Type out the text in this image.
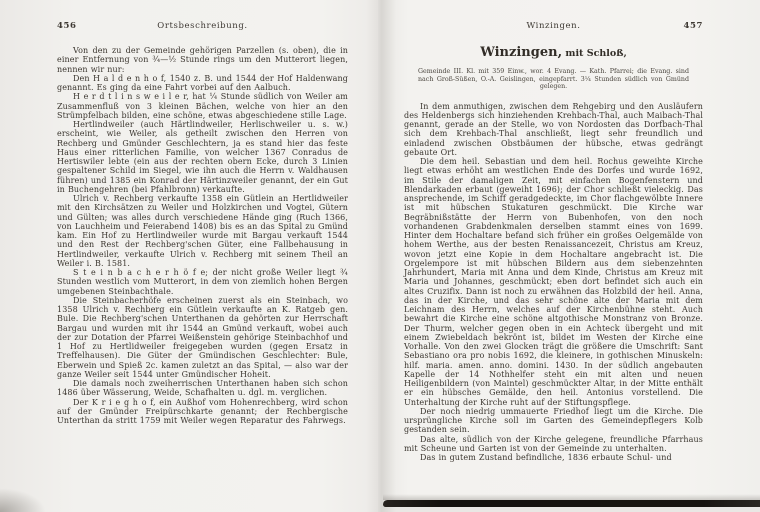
456	Ortsbeschreibung.

Von den zu der Gemeinde gehörigen Parzellen (s. oben), die in einer Entfernung von ¾—½ Stunde rings um den Mutterort liegen, nennen wir nur:

Den H a l d e n h o f, 1540 z. B. und 1544 der Hof Haldenwang genannt. Es ging da eine Fahrt vorbei auf den Aalbuch.

H e r d t l i n s w e i l e r, hat ¼ Stunde südlich von Weiler am Zusammenfluß von 3 kleinen Bächen, welche von hier an den Strümpfelbach bilden, eine schöne, etwas abgeschiedene stille Lage.

Hertlindweiler (auch Härtlindweiler, Herlischweiler u. s. w.) erscheint, wie Weiler, als getheilt zwischen den Herren von Rechberg und Gmünder Geschlechtern, ja es stand hier das feste Haus einer ritterlichen Familie, von welcher 1367 Conradus de Hertiswiler lebte (ein aus der rechten obern Ecke, durch 3 Linien gespaltener Schild im Siegel, wie ihn auch die Herrn v. Waldhausen führen) und 1385 ein Konrad der Härtinzweiler genannt, der ein Gut in Buchengehren (bei Pfahlbronn) verkaufte.

Ulrich v. Rechberg verkaufte 1358 ein Gütlein an Hertlidweiler mit den Kirchsätzen zu Weiler und Holzkirchen und Vogtei, Gütern und Gülten; was alles durch verschiedene Hände ging (Ruch 1366, von Lauchheim und Feierabend 1408) bis es an das Spital zu Gmünd kam. Ein Hof zu Hertlindweiler wurde mit Bargau verkauft 1544 und den Rest der Rechberg'schen Güter, eine Fallbehausung in Hertlindweiler, verkaufte Ulrich v. Rechberg mit seinem Theil an Weiler i. B. 1581.

S t e i n b a c h e r h ö f e; der nicht große Weiler liegt ¾ Stunden westlich vom Mutterort, in dem von ziemlich hohen Bergen umgebenen Steinbachthale.

Die Steinbacherhöfe erscheinen zuerst als ein Steinbach, wo 1358 Ulrich v. Rechberg ein Gütlein verkaufte an K. Ratgeb gen. Bule. Die Rechberg'schen Unterthanen da gehörten zur Herrschaft Bargau und wurden mit ihr 1544 an Gmünd verkauft, wobei auch der zur Dotation der Pfarrei Weißenstein gehörige Steinbachhof und 1 Hof zu Hertlidweiler freigegeben wurden (gegen Ersatz in Treffelhausen). Die Güter der Gmündischen Geschlechter: Bule, Eberwein und Spieß 2c. kamen zuletzt an das Spital, — also war der ganze Weiler seit 1544 unter Gmündischer Hoheit.

Die damals noch zweiherrischen Unterthanen haben sich schon 1486 über Wässerung, Weide, Schafhalten u. dgl. m. verglichen.

Der K r i e g h o f, ein Außhof vom Hohenrechberg, wird schon auf der Gmünder Freipürschkarte genannt; der Rechbergische Unterthan da stritt 1759 mit Weiler wegen Reparatur des Fahrwegs.

Winzingen.	457
Winzingen, mit Schloß,
Gemeinde III. Kl. mit 359 Einw., wor. 4 Evang. — Kath. Pfarrei; die Evang. sind nach Groß-Süßen, O.-A. Geislingen, eingepfarrt. 3¼ Stunden südlich von Gmünd gelegen.

In dem anmuthigen, zwischen dem Rehgebirg und den Ausläufern des Heldenbergs sich hinziehenden Krehbach-Thal, auch Maibach-Thal genannt, gerade an der Stelle, wo von Nordosten das Dorfbach-Thal sich dem Krehbach-Thal anschließt, liegt sehr freundlich und einladend zwischen Obstbäumen der hübsche, etwas gedrängt gebaute Ort.

Die dem heil. Sebastian und dem heil. Rochus geweihte Kirche liegt etwas erhöht am westlichen Ende des Dorfes und wurde 1692, im Stile der damaligen Zeit, mit einfachen Bogenfenstern und Blendarkaden erbaut (geweiht 1696); der Chor schließt vieleckig. Das ansprechende, im Schiff geradgedeckte, im Chor flachgewölbte Innere ist mit hübschen Stukaturen geschmückt. Die Kirche war Begräbnißstätte der Herrn von Bubenhofen, von den noch vorhandenen Grabdenkmalen derselben stammt eines von 1699. Hinter dem Hochaltare befand sich früher ein großes Oelgemälde von hohem Werthe, aus der besten Renaissancezeit, Christus am Kreuz, wovon jetzt eine Kopie in dem Hochaltare angebracht ist. Die Orgelempore ist mit hübschen Bildern aus dem siebenzehnten Jahrhundert, Maria mit Anna und dem Kinde, Christus am Kreuz mit Maria und Johannes, geschmückt; eben dort befindet sich auch ein altes Cruzifix. Dann ist noch zu erwähnen das Holzbild der heil. Anna, das in der Kirche, und das sehr schöne alte der Maria mit dem Leichnam des Herrn, welches auf der Kirchenbühne steht. Auch bewahrt die Kirche eine schöne altgothische Monstranz von Bronze. Der Thurm, welcher gegen oben in ein Achteck übergeht und mit einem Zwiebeldach bekrönt ist, bildet im Westen der Kirche eine Vorhalle. Von den zwei Glocken trägt die größere die Umschrift: Sant Sebastiano ora pro nobis 1692, die kleinere, in gothischen Minuskeln: hilf. maria. amen. anno. domini. 1430. In der südlich angebauten Kapelle der 14 Nothhelfer steht ein mit alten und neuen Heiligenbildern (von Maintel) geschmückter Altar, in der Mitte enthält er ein hübsches Gemälde, den heil. Antonius vorstellend. Die Unterhaltung der Kirche ruht auf der Stiftungspflege.

Der noch niedrig ummauerte Friedhof liegt um die Kirche. Die ursprüngliche Kirche soll im Garten des Gemeindepflegers Kolb gestanden sein.

Das alte, südlich von der Kirche gelegene, freundliche Pfarrhaus mit Scheune und Garten ist von der Gemeinde zu unterhalten.

Das in gutem Zustand befindliche, 1836 erbaute Schul- und
